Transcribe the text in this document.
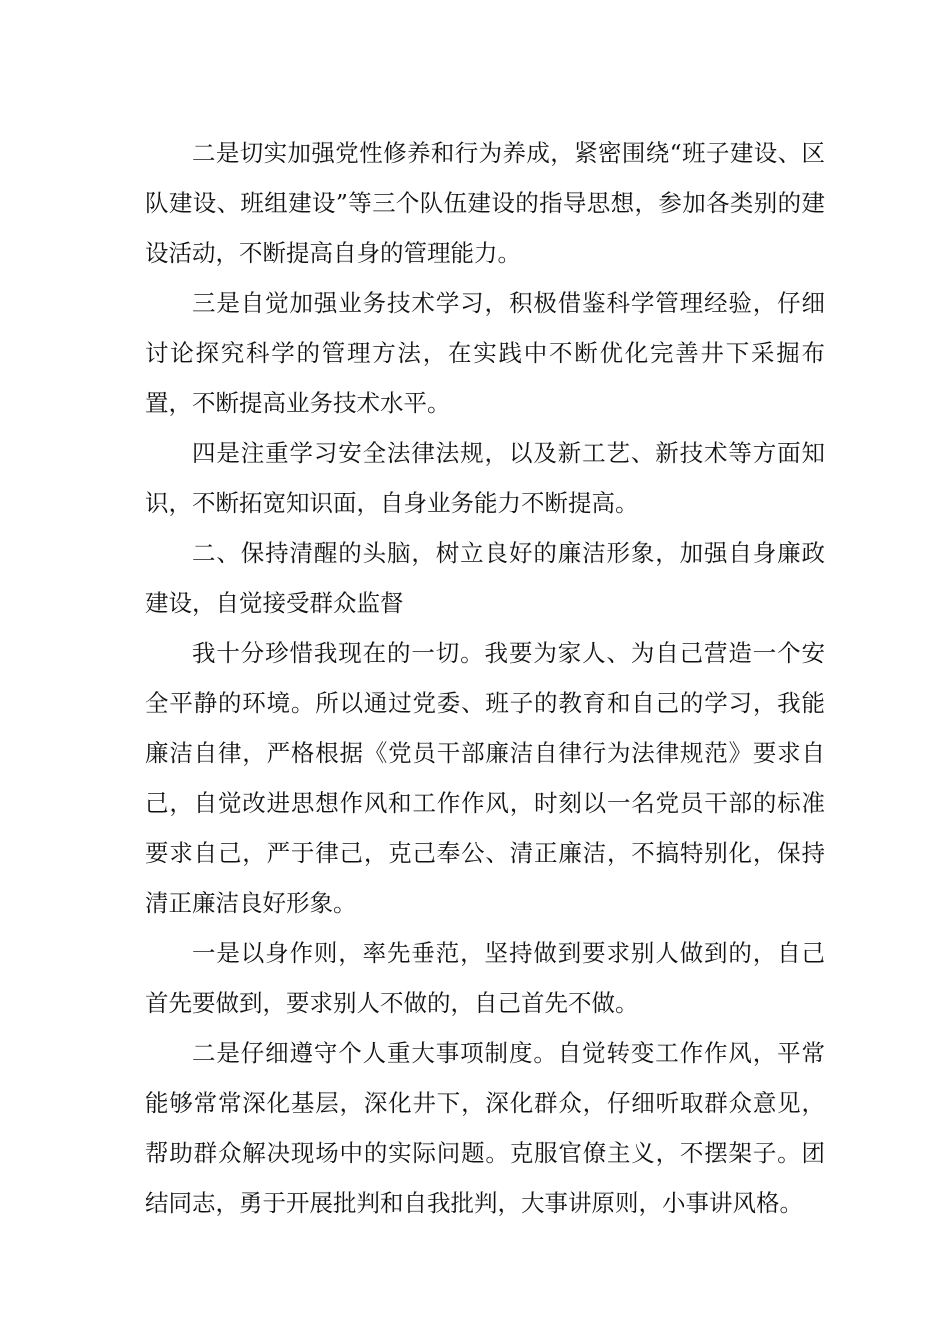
二是切实加强党性修养和行为养成，紧密围绕“班子建设、区队建设、班组建设”等三个队伍建设的指导思想，参加各类别的建设活动，不断提高自身的管理能力。

三是自觉加强业务技术学习，积极借鉴科学管理经验，仔细讨论探究科学的管理方法，在实践中不断优化完善井下采掘布置，不断提高业务技术水平。

四是注重学习安全法律法规，以及新工艺、新技术等方面知识，不断拓宽知识面，自身业务能力不断提高。

二、保持清醒的头脑，树立良好的廉洁形象，加强自身廉政建设，自觉接受群众监督

我十分珍惜我现在的一切。我要为家人、为自己营造一个安全平静的环境。所以通过党委、班子的教育和自己的学习，我能廉洁自律，严格根据《党员干部廉洁自律行为法律规范》要求自己，自觉改进思想作风和工作作风，时刻以一名党员干部的标准要求自己，严于律己，克己奉公、清正廉洁，不搞特别化，保持清正廉洁良好形象。

一是以身作则，率先垂范，坚持做到要求别人做到的，自己首先要做到，要求别人不做的，自己首先不做。

二是仔细遵守个人重大事项制度。自觉转变工作作风，平常能够常常深化基层，深化井下，深化群众，仔细听取群众意见，帮助群众解决现场中的实际问题。克服官僚主义，不摆架子。团结同志，勇于开展批判和自我批判，大事讲原则，小事讲风格。
